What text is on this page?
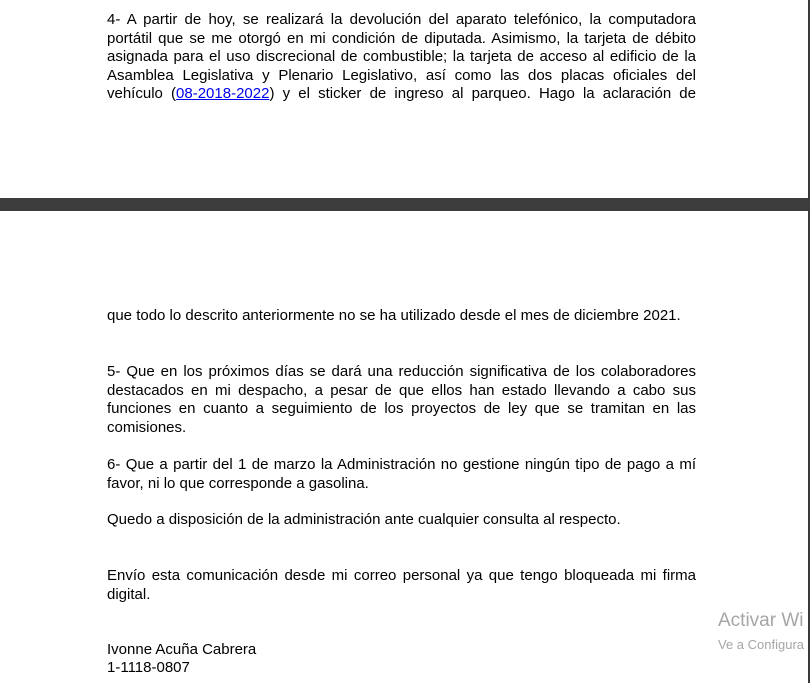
4- A partir de hoy, se realizará la devolución del aparato telefónico, la computadora portátil que se me otorgó en mi condición de diputada. Asimismo, la tarjeta de débito asignada para el uso discrecional de combustible; la tarjeta de acceso al edificio de la Asamblea Legislativa y Plenario Legislativo, así como las dos placas oficiales del vehículo (08-2018-2022) y el sticker de ingreso al parqueo. Hago la aclaración de

que todo lo descrito anteriormente no se ha utilizado desde el mes de diciembre 2021.

5- Que en los próximos días se dará una reducción significativa de los colaboradores destacados en mi despacho, a pesar de que ellos han estado llevando a cabo sus funciones en cuanto a seguimiento de los proyectos de ley que se tramitan en las comisiones.

6- Que a partir del 1 de marzo la Administración no gestione ningún tipo de pago a mí favor, ni lo que corresponde a gasolina.

Quedo a disposición de la administración ante cualquier consulta al respecto.

Envío esta comunicación desde mi correo personal ya que tengo bloqueada mi firma digital.

Ivonne Acuña Cabrera

1-1118-0807

Activar Wi
Ve a Configura
